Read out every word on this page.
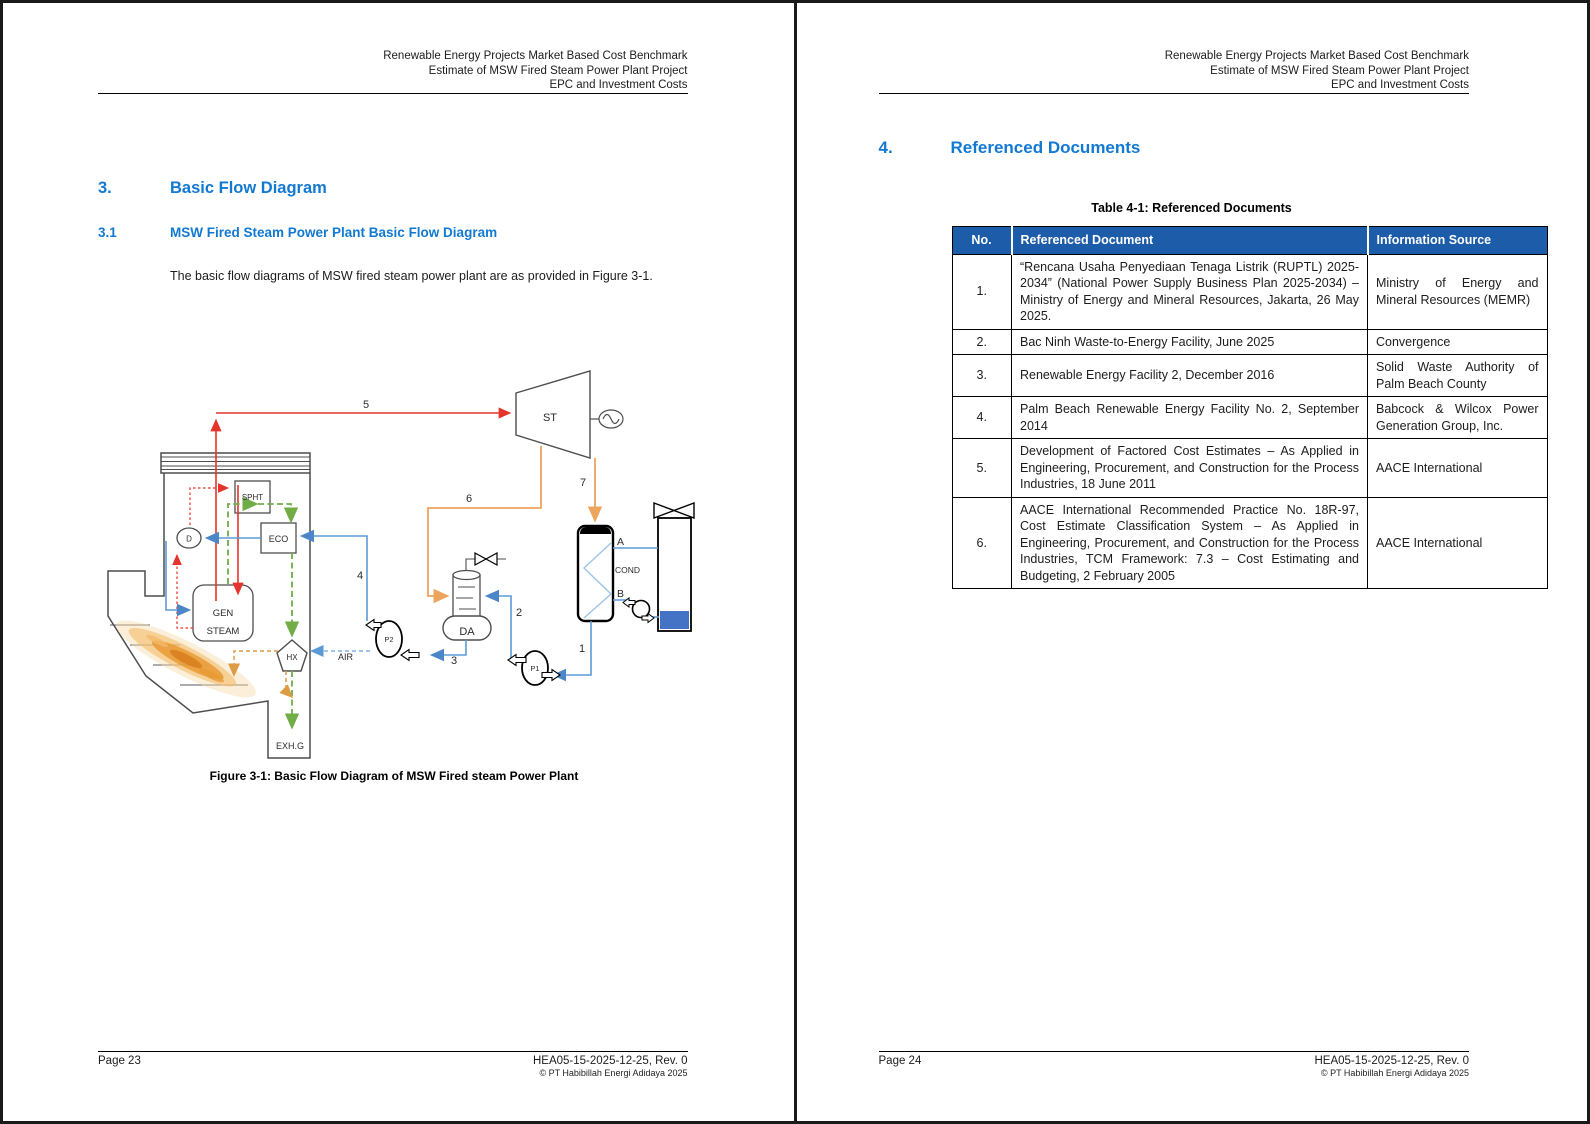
Renewable Energy Projects Market Based Cost Benchmark
Estimate of MSW Fired Steam Power Plant Project
EPC and Investment Costs
3.	Basic Flow Diagram
3.1	MSW Fired Steam Power Plant Basic Flow Diagram
The basic flow diagrams of MSW fired steam power plant are as provided in Figure 3-1.
ST
SPHT
ECO
D
GEN
STEAM
HX	AIR
EXH.G
DA
COND
A
B
P1
P2
5
6
7
4
2
1
3
Figure 3-1: Basic Flow Diagram of MSW Fired steam Power Plant
Page 23	HEA05-15-2025-12-25, Rev. 0
© PT Habibillah Energi Adidaya 2025
Renewable Energy Projects Market Based Cost Benchmark
Estimate of MSW Fired Steam Power Plant Project
EPC and Investment Costs
4.	Referenced Documents
Table 4-1: Referenced Documents
No.	Referenced Document	Information Source
1.	“Rencana Usaha Penyediaan Tenaga Listrik (RUPTL) 2025-2034” (National Power Supply Business Plan 2025-2034) – Ministry of Energy and Mineral Resources, Jakarta, 26 May 2025.	Ministry of Energy and Mineral Resources (MEMR)
2.	Bac Ninh Waste-to-Energy Facility, June 2025	Convergence
3.	Renewable Energy Facility 2, December 2016	Solid Waste Authority of Palm Beach County
4.	Palm Beach Renewable Energy Facility No. 2, September 2014	Babcock & Wilcox Power Generation Group, Inc.
5.	Development of Factored Cost Estimates – As Applied in Engineering, Procurement, and Construction for the Process Industries, 18 June 2011	AACE International
6.	AACE International Recommended Practice No. 18R-97, Cost Estimate Classification System – As Applied in Engineering, Procurement, and Construction for the Process Industries, TCM Framework: 7.3 – Cost Estimating and Budgeting, 2 February 2005	AACE International
Page 24	HEA05-15-2025-12-25, Rev. 0
© PT Habibillah Energi Adidaya 2025
